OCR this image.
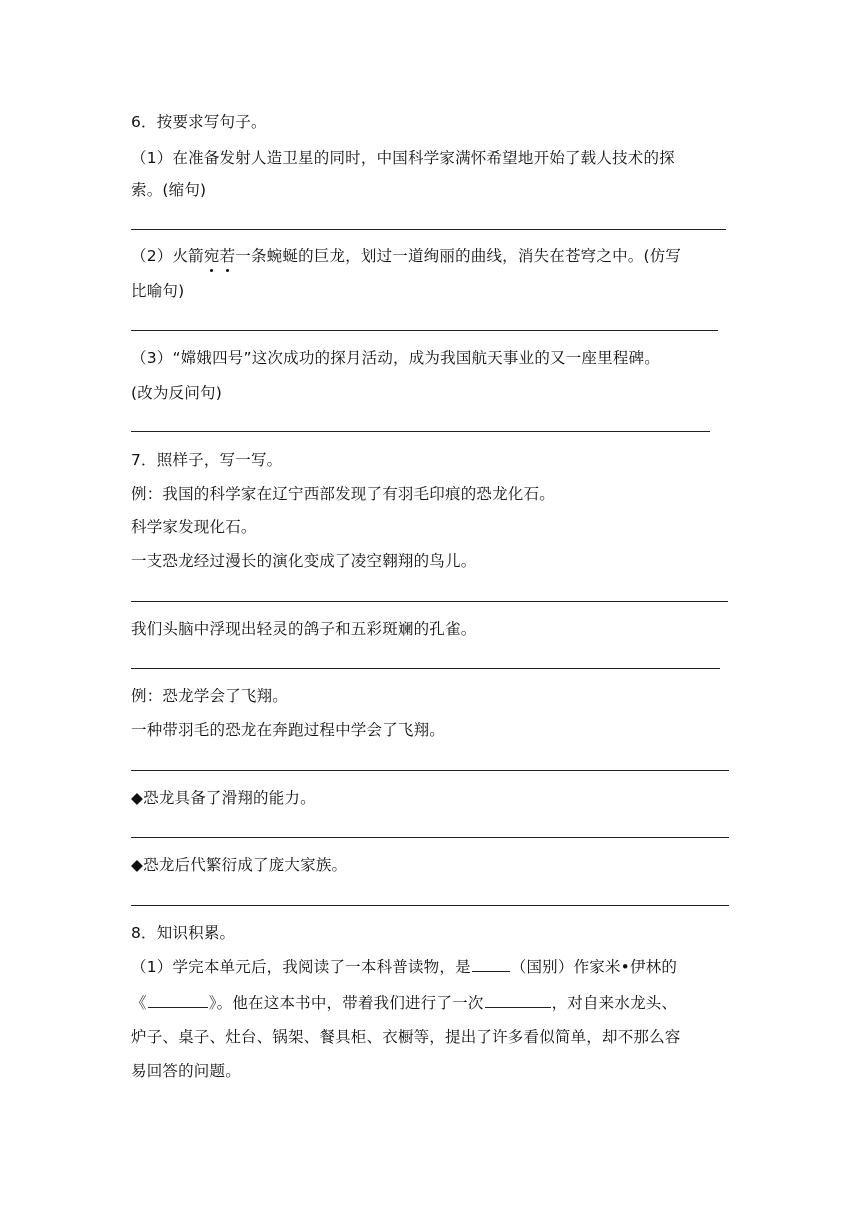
6．按要求写句子。
（1）在准备发射人造卫星的同时，中国科学家满怀希望地开始了载人技术的探
索。(缩句)
（2）火箭宛若一条蜿蜒的巨龙，划过一道绚丽的曲线，消失在苍穹之中。(仿写
比喻句)
（3）“嫦娥四号”这次成功的探月活动，成为我国航天事业的又一座里程碑。
(改为反问句)
7．照样子，写一写。
例：我国的科学家在辽宁西部发现了有羽毛印痕的恐龙化石。
科学家发现化石。
一支恐龙经过漫长的演化变成了凌空翱翔的鸟儿。
我们头脑中浮现出轻灵的鸽子和五彩斑斓的孔雀。
例：恐龙学会了飞翔。
一种带羽毛的恐龙在奔跑过程中学会了飞翔。
◆恐龙具备了滑翔的能力。
◆恐龙后代繁衍成了庞大家族。
8．知识积累。
（1）学完本单元后，我阅读了一本科普读物，是	（国别）作家米•伊林的
《	》。他在这本书中，带着我们进行了一次	，对自来水龙头、
炉子、桌子、灶台、锅架、餐具柜、衣橱等，提出了许多看似简单，却不那么容
易回答的问题。
